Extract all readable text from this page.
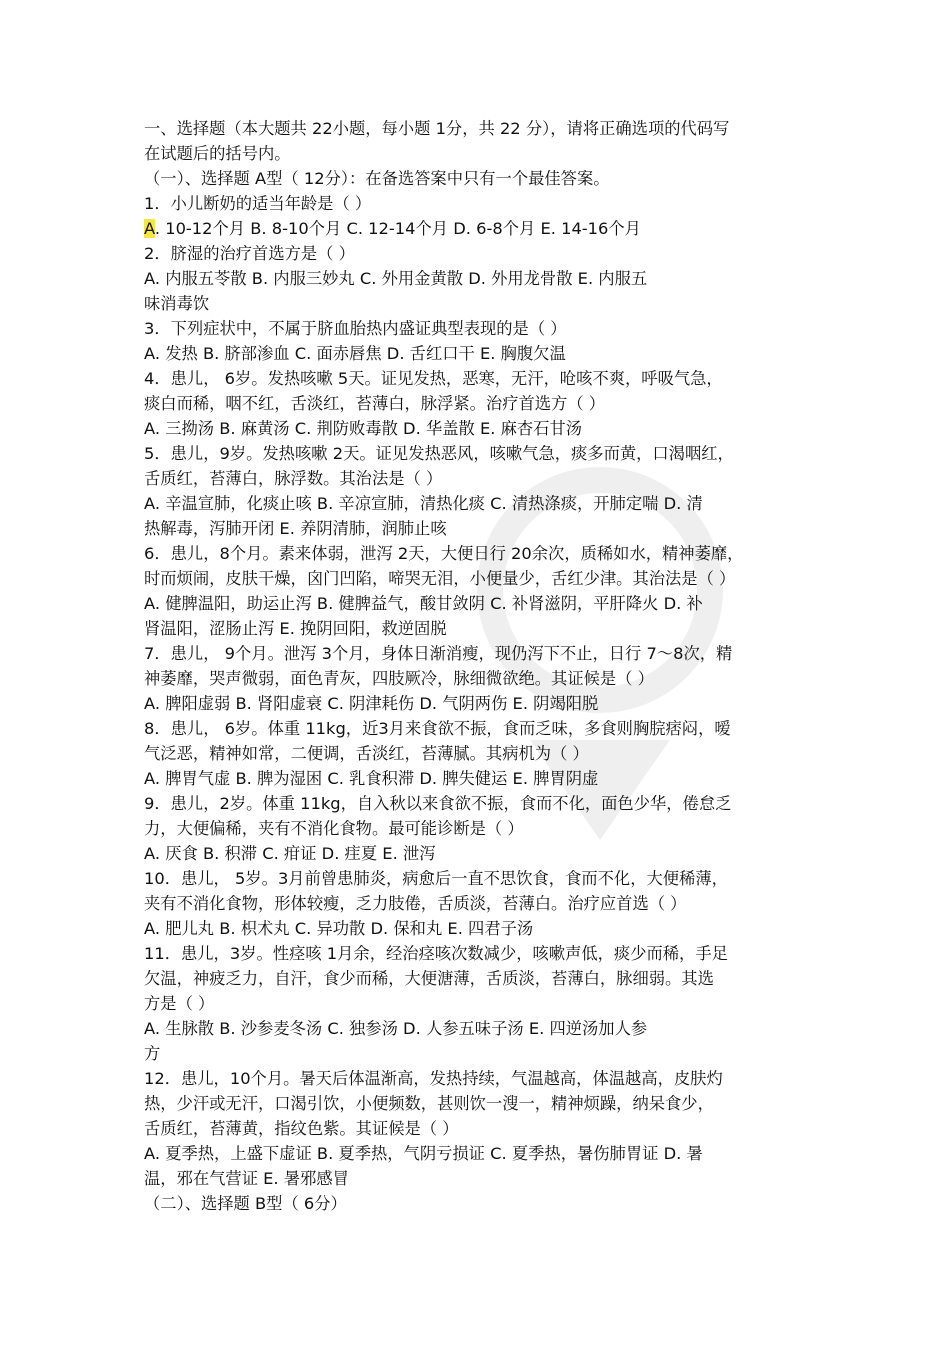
一、选择题（本大题共 22小题，每小题 1分，共 22 分），请将正确选项的代码写
在试题后的括号内。
（一）、选择题 A型（ 12分）：在备选答案中只有一个最佳答案。
1．小儿断奶的适当年龄是（ ）
A. 10-12个月 B. 8-10个月 C. 12-14个月 D. 6-8个月 E. 14-16个月
2．脐湿的治疗首选方是（ ）
A. 内服五苓散 B. 内服三妙丸 C. 外用金黄散 D. 外用龙骨散 E. 内服五
味消毒饮
3．下列症状中，不属于脐血胎热内盛证典型表现的是（ ）
A. 发热 B. 脐部渗血 C. 面赤唇焦 D. 舌红口干 E. 胸腹欠温
4．患儿， 6岁。发热咳嗽 5天。证见发热，恶寒，无汗，呛咳不爽，呼吸气急，
痰白而稀，咽不红，舌淡红，苔薄白，脉浮紧。治疗首选方（ ）
A. 三拗汤 B. 麻黄汤 C. 荆防败毒散 D. 华盖散 E. 麻杏石甘汤
5．患儿，9岁。发热咳嗽 2天。证见发热恶风，咳嗽气急，痰多而黄，口渴咽红，
舌质红，苔薄白，脉浮数。其治法是（ ）
A. 辛温宣肺，化痰止咳 B. 辛凉宣肺，清热化痰 C. 清热涤痰，开肺定喘 D. 清
热解毒，泻肺开闭 E. 养阴清肺，润肺止咳
6．患儿，8个月。素来体弱，泄泻 2天，大便日行 20余次，质稀如水，精神萎靡，
时而烦闹，皮肤干燥，囟门凹陷，啼哭无泪，小便量少，舌红少津。其治法是（ ）
A. 健脾温阳，助运止泻 B. 健脾益气，酸甘敛阴 C. 补肾滋阴，平肝降火 D. 补
肾温阳，涩肠止泻 E. 挽阴回阳，救逆固脱
7．患儿， 9个月。泄泻 3个月，身体日渐消瘦，现仍泻下不止，日行 7～8次，精
神萎靡，哭声微弱，面色青灰，四肢厥冷，脉细微欲绝。其证候是（ ）
A. 脾阳虚弱 B. 肾阳虚衰 C. 阴津耗伤 D. 气阴两伤 E. 阴竭阳脱
8．患儿， 6岁。体重 11kg，近3月来食欲不振，食而乏味，多食则胸脘痞闷，嗳
气泛恶，精神如常，二便调，舌淡红，苔薄腻。其病机为（ ）
A. 脾胃气虚 B. 脾为湿困 C. 乳食积滞 D. 脾失健运 E. 脾胃阴虚
9．患儿，2岁。体重 11kg，自入秋以来食欲不振，食而不化，面色少华，倦怠乏
力，大便偏稀，夹有不消化食物。最可能诊断是（ ）
A. 厌食 B. 积滞 C. 疳证 D. 疰夏 E. 泄泻
10．患儿， 5岁。3月前曾患肺炎，病愈后一直不思饮食，食而不化，大便稀薄，
夹有不消化食物，形体较瘦，乏力肢倦，舌质淡，苔薄白。治疗应首选（ ）
A. 肥儿丸 B. 枳术丸 C. 异功散 D. 保和丸 E. 四君子汤
11．患儿，3岁。性痉咳 1月余，经治痉咳次数减少，咳嗽声低，痰少而稀，手足
欠温，神疲乏力，自汗，食少而稀，大便溏薄，舌质淡，苔薄白，脉细弱。其选
方是（ ）
A. 生脉散 B. 沙参麦冬汤 C. 独参汤 D. 人参五味子汤 E. 四逆汤加人参
方
12．患儿，10个月。暑天后体温渐高，发热持续，气温越高，体温越高，皮肤灼
热，少汗或无汗，口渴引饮，小便频数，甚则饮一溲一，精神烦躁，纳呆食少，
舌质红，苔薄黄，指纹色紫。其证候是（ ）
A. 夏季热，上盛下虚证 B. 夏季热，气阴亏损证 C. 夏季热，暑伤肺胃证 D. 暑
温，邪在气营证 E. 暑邪感冒
（二）、选择题 B型（ 6分）
